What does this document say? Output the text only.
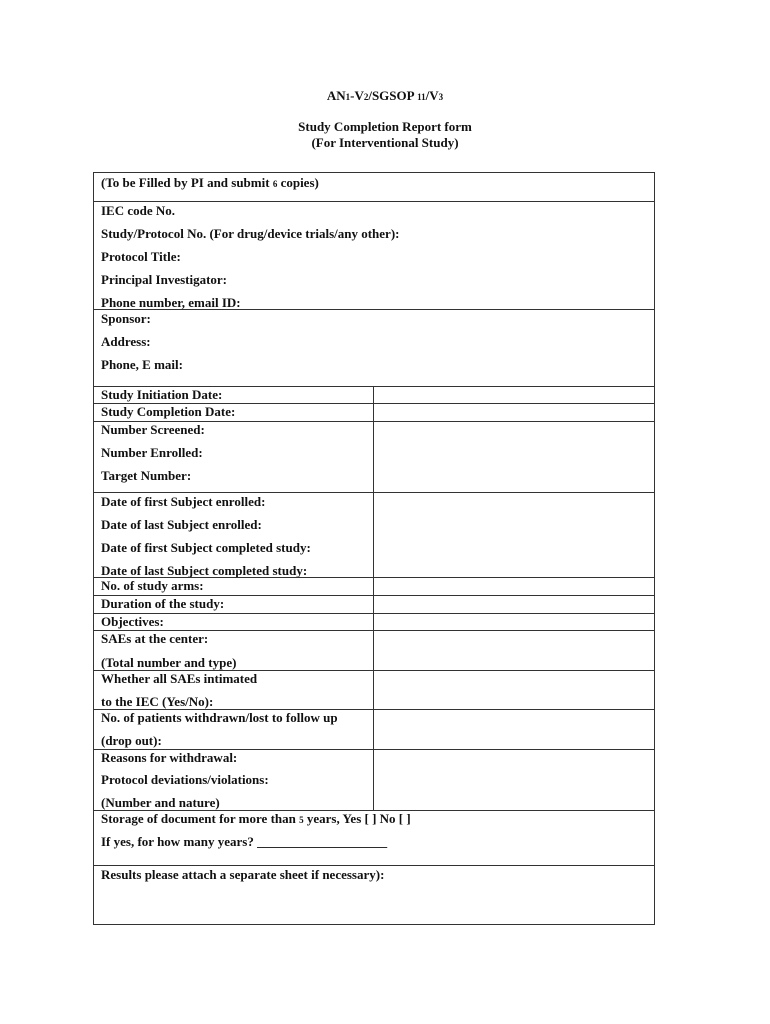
AN1-V2/SGSOP 11/V3
Study Completion Report form
(For Interventional Study)
(To be Filled by PI and submit 6 copies)
IEC code No.
Study/Protocol No. (For drug/device trials/any other):
Protocol Title:
Principal Investigator:
Phone number, email ID:
Sponsor:
Address:
Phone, E mail:
Study Initiation Date:
Study Completion Date:
Number Screened:
Number Enrolled:
Target Number:
Date of first Subject enrolled:
Date of last Subject enrolled:
Date of first Subject completed study:
Date of last Subject completed study:
No. of study arms:
Duration of the study:
Objectives:
SAEs at the center:
(Total number and type)
Whether all SAEs intimated
to the IEC (Yes/No):
No. of patients withdrawn/lost to follow up
(drop out):
Reasons for withdrawal:
Protocol deviations/violations:
(Number and nature)
Storage of document for more than 5 years, Yes [ ] No [ ]
If yes, for how many years? ____________________
Results please attach a separate sheet if necessary):
